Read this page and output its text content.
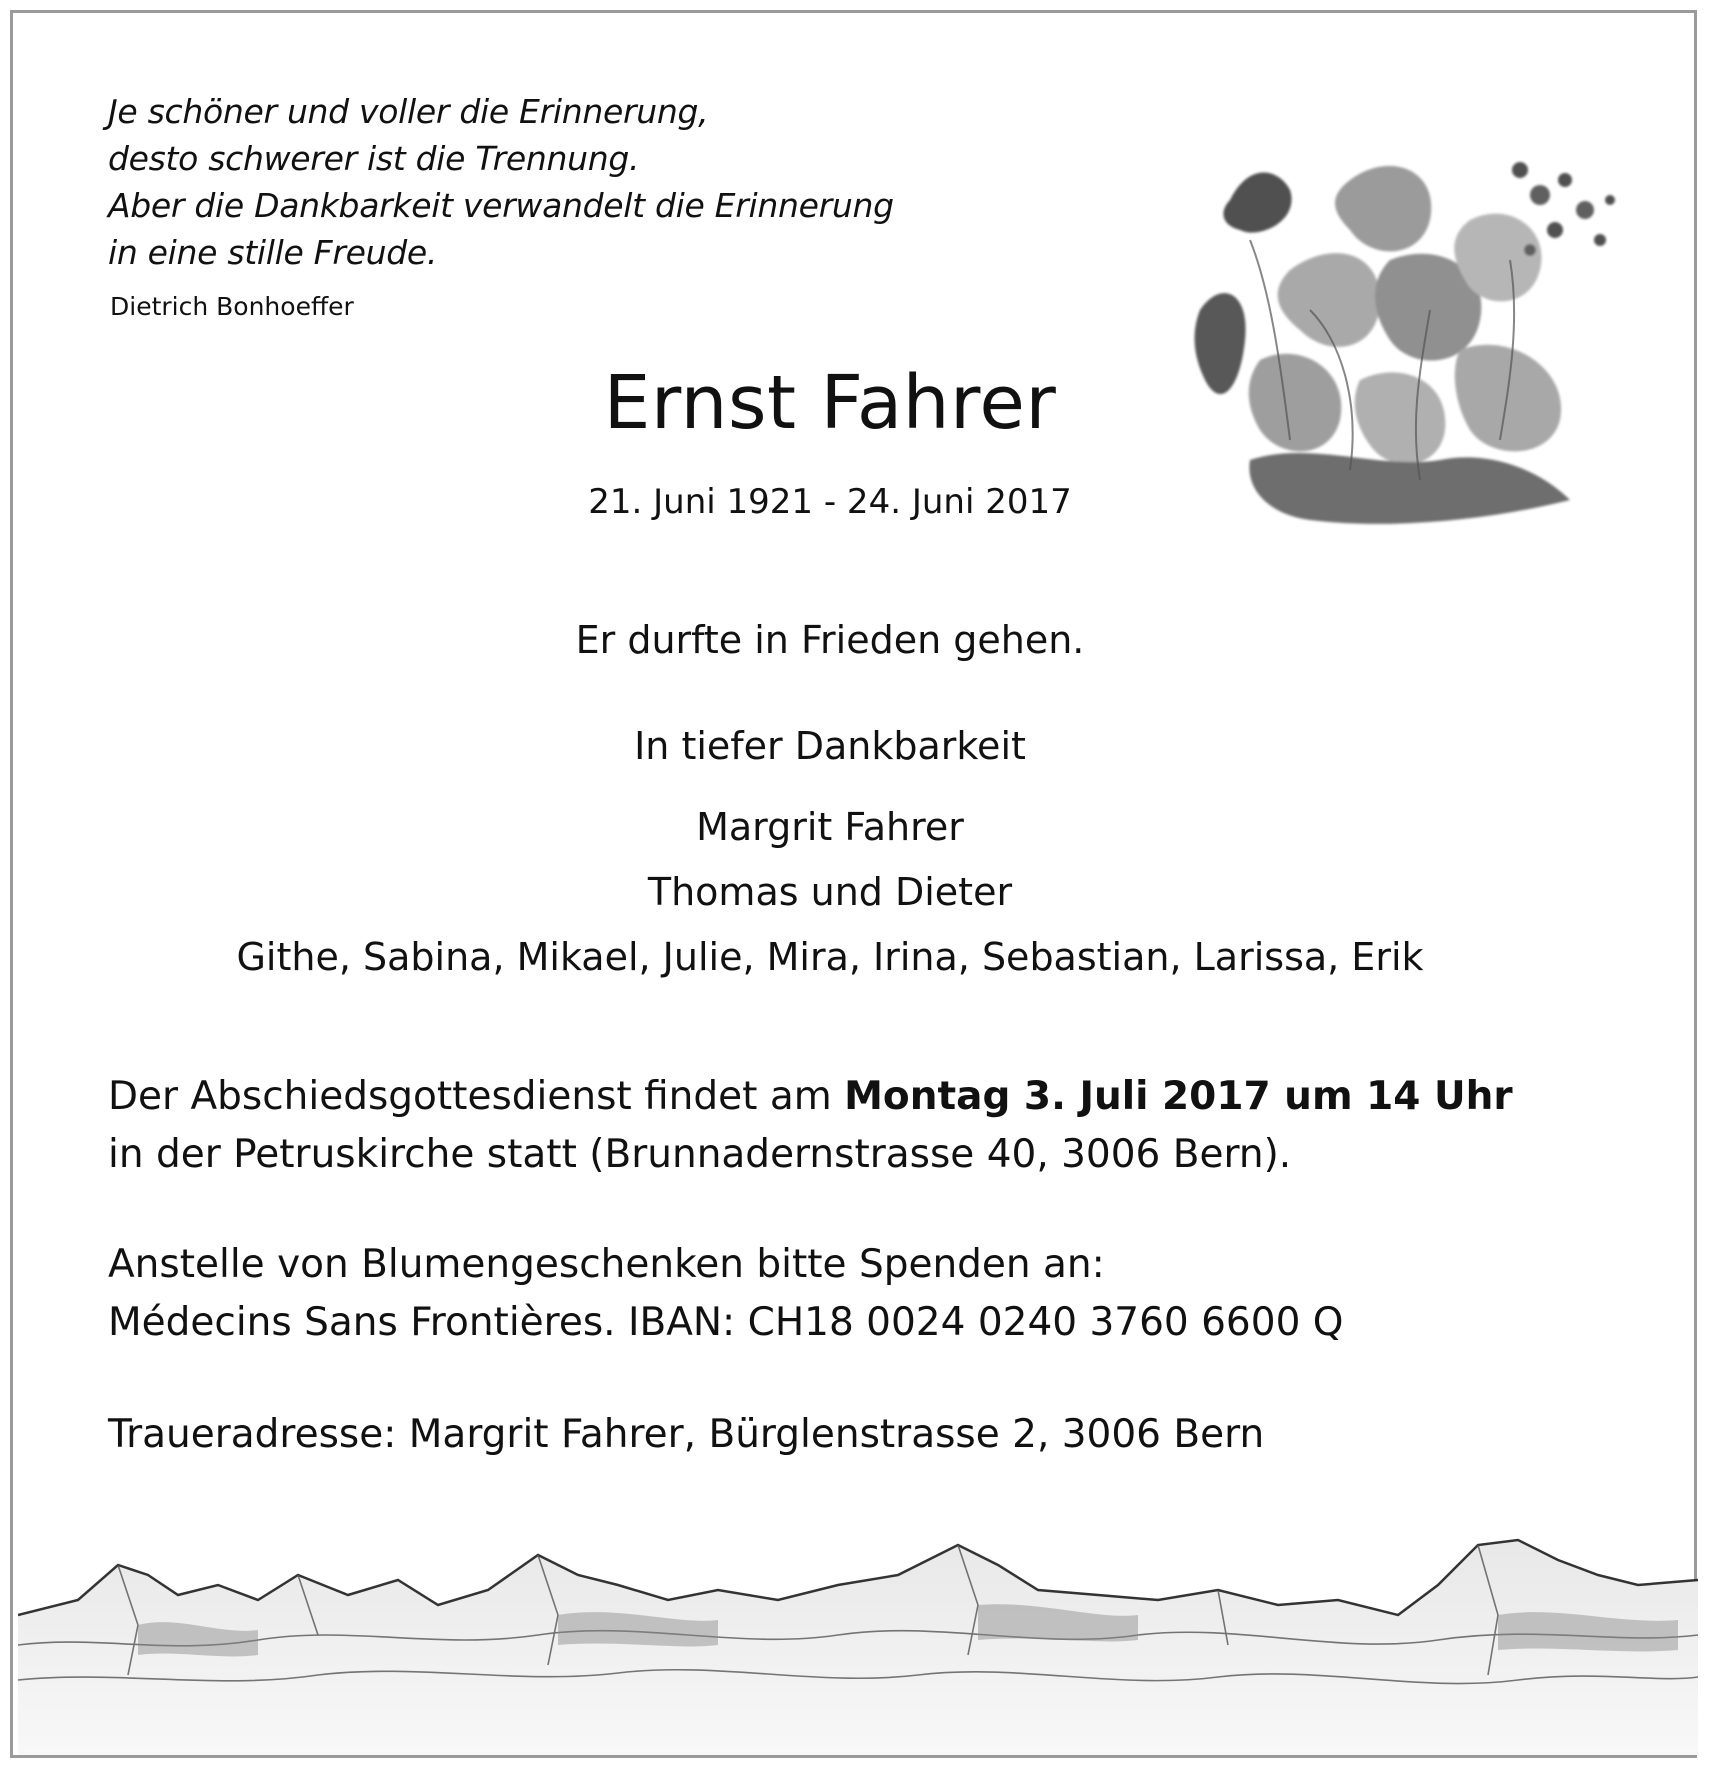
Je schöner und voller die Erinnerung,
desto schwerer ist die Trennung.
Aber die Dankbarkeit verwandelt die Erinnerung
in eine stille Freude.
Dietrich Bonhoeffer
Ernst Fahrer
21. Juni 1921 - 24. Juni 2017
Er durfte in Frieden gehen.
In tiefer Dankbarkeit
Margrit Fahrer
Thomas und Dieter
Githe, Sabina, Mikael, Julie, Mira, Irina, Sebastian, Larissa, Erik
Der Abschiedsgottesdienst findet am Montag 3. Juli 2017 um 14 Uhr
in der Petruskirche statt (Brunnadernstrasse 40, 3006 Bern).
Anstelle von Blumengeschenken bitte Spenden an:
Médecins Sans Frontières. IBAN: CH18 0024 0240 3760 6600 Q
Traueradresse: Margrit Fahrer, Bürglenstrasse 2, 3006 Bern
